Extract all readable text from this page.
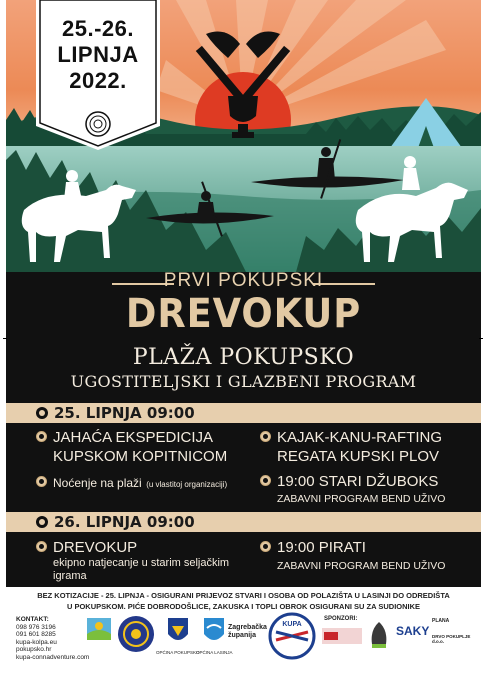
25.-26.
LIPNJA
2022.
PRVI POKUPSKI
DREVOKUP
PLAŽA POKUPSKO
UGOSTITELJSKI I GLAZBENI PROGRAM
25. LIPNJA 09:00
JAHAĆA EKSPEDICIJA
KUPSKOM KOPITNICOM
Noćenje na plaži (u vlastitoj organizaciji)
KAJAK-KANU-RAFTING
REGATA KUPSKI PLOV
19:00 STARI DŽUBOKS
ZABAVNI PROGRAM BEND UŽIVO
26. LIPNJA 09:00
DREVOKUP
ekipno natjecanje u starim seljačkim
igrama
19:00 PIRATI
ZABAVNI PROGRAM BEND UŽIVO
BEZ KOTIZACIJE - 25. LIPNJA - OSIGURANI PRIJEVOZ STVARI I OSOBA OD POLAZIŠTA U LASINJI DO ODREDIŠTA
U POKUPSKOM. PIĆE DOBRODOŠLICE, ZAKUSKA I TOPLI OBROK OSIGURANI SU ZA SUDIONIKE
KONTAKT:
098 976 3196
091 601 8285
kupa-kolpa.eu
pokupsko.hr
kupa-connadventure.com
OPĆINA POKUPSKO
OPĆINA LASINJA
Zagrebačka županija
KUPA
SPONZORI:
SAKY
PLANA
DRVO POKUPLJE d.o.o.
